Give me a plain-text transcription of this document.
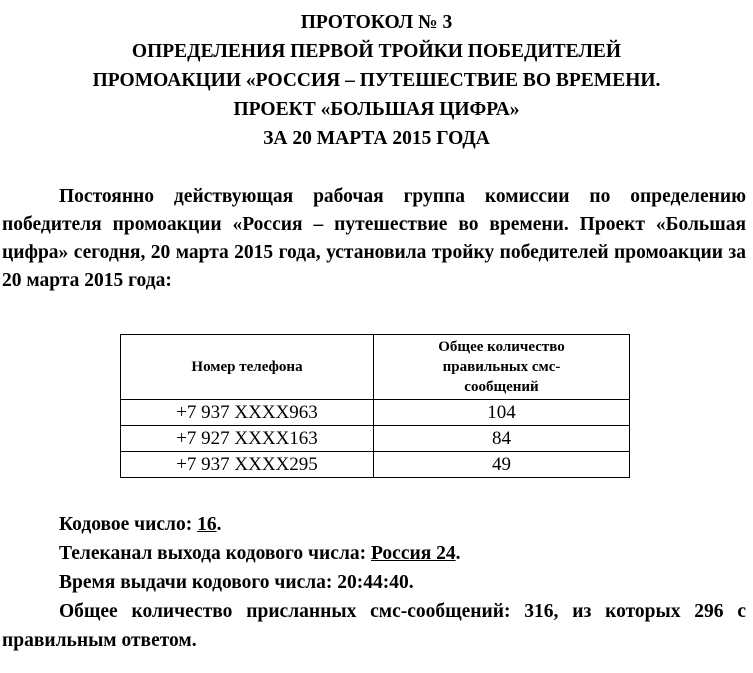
ПРОТОКОЛ № 3
ОПРЕДЕЛЕНИЯ ПЕРВОЙ ТРОЙКИ ПОБЕДИТЕЛЕЙ
ПРОМОАКЦИИ «РОССИЯ – ПУТЕШЕСТВИЕ ВО ВРЕМЕНИ.
ПРОЕКТ «БОЛЬШАЯ ЦИФРА»
ЗА 20 МАРТА 2015 ГОДА
Постоянно действующая рабочая группа комиссии по определению победителя промоакции «Россия – путешествие во времени. Проект «Большая цифра» сегодня, 20 марта 2015 года, установила тройку победителей промоакции за 20 марта 2015 года:
Номер телефона	Общее количество правильных смс-сообщений

+7 937 XXXX963	104
+7 927 XXXX163	84
+7 937 XXXX295	49

Кодовое число: 16.

Телеканал выхода кодового числа: Россия 24.

Время выдачи кодового числа: 20:44:40.

Общее количество присланных смс-сообщений: 316, из которых 296 с правильным ответом.
